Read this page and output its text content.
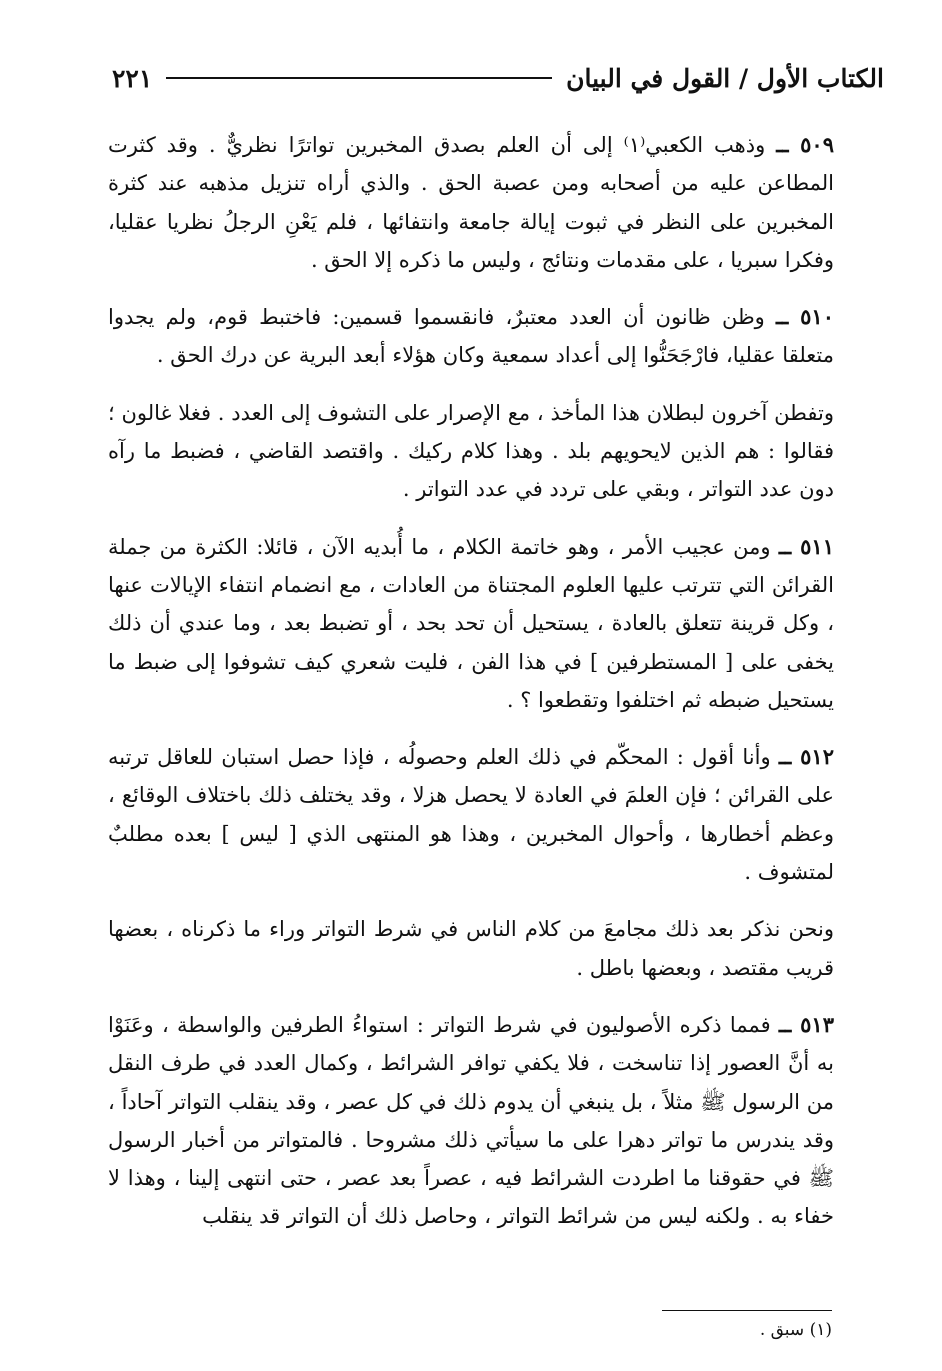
الكتاب الأول / القول في البيان
٢٢١

٥٠٩ ــ وذهب الكعبي⁽١⁾ إلى أن العلم بصدق المخبرين تواترًا نظريٌّ . وقد كثرت المطاعن عليه من أصحابه ومن عصبة الحق . والذي أراه تنزيل مذهبه عند كثرة المخبرين على النظر في ثبوت إيالة جامعة وانتفائها ، فلم يَعْنِ الرجلُ نظريا عقليا، وفكرا سبريا ، على مقدمات ونتائج ، وليس ما ذكره إلا الحق .

٥١٠ ــ وظن ظانون أن العدد معتبرٌ، فانقسموا قسمين: فاختبط قوم، ولم يجدوا متعلقا عقليا، فارْجَحَنُّوا إلى أعداد سمعية وكان هؤلاء أبعد البرية عن درك الحق .

وتفطن آخرون لبطلان هذا المأخذ ، مع الإصرار على التشوف إلى العدد . فغلا غالون ؛ فقالوا : هم الذين لايحويهم بلد . وهذا كلام ركيك . واقتصد القاضي ، فضبط ما رآه دون عدد التواتر ، وبقي على تردد في عدد التواتر .

٥١١ ــ ومن عجيب الأمر ، وهو خاتمة الكلام ، ما أُبديه الآن ، قائلا: الكثرة من جملة القرائن التي تترتب عليها العلوم المجتناة من العادات ، مع انضمام انتفاء الإيالات عنها ، وكل قرينة تتعلق بالعادة ، يستحيل أن تحد بحد ، أو تضبط بعد ، وما عندي أن ذلك يخفى على [ المستطرفين ] في هذا الفن ، فليت شعري كيف تشوفوا إلى ضبط ما يستحيل ضبطه ثم اختلفوا وتقطعوا ؟ .

٥١٢ ــ وأنا أقول : المحكّم في ذلك العلم وحصولُه ، فإذا حصل استبان للعاقل ترتبه على القرائن ؛ فإن العلمَ في العادة لا يحصل هزلا ، وقد يختلف ذلك باختلاف الوقائع ، وعظم أخطارها ، وأحوال المخبرين ، وهذا هو المنتهى الذي [ ليس ] بعده مطلبٌ لمتشوف .

ونحن نذكر بعد ذلك مجامعَ من كلام الناس في شرط التواتر وراء ما ذكرناه ، بعضها قريب مقتصد ، وبعضها باطل .

٥١٣ ــ فمما ذكره الأصوليون في شرط التواتر : استواءُ الطرفين والواسطة ، وعَنَوْا به أنَّ العصور إذا تناسخت ، فلا يكفي توافر الشرائط ، وكمال العدد في طرف النقل من الرسول ﷺ مثلاً ، بل ينبغي أن يدوم ذلك في كل عصر ، وقد ينقلب التواتر آحاداً ، وقد يندرس ما تواتر دهرا على ما سيأتي ذلك مشروحا . فالمتواتر من أخبار الرسول ﷺ في حقوقنا ما اطردت الشرائط فيه ، عصراً بعد عصر ، حتى انتهى إلينا ، وهذا لا خفاء به . ولكنه ليس من شرائط التواتر ، وحاصل ذلك أن التواتر قد ينقلب

(١) سبق .
